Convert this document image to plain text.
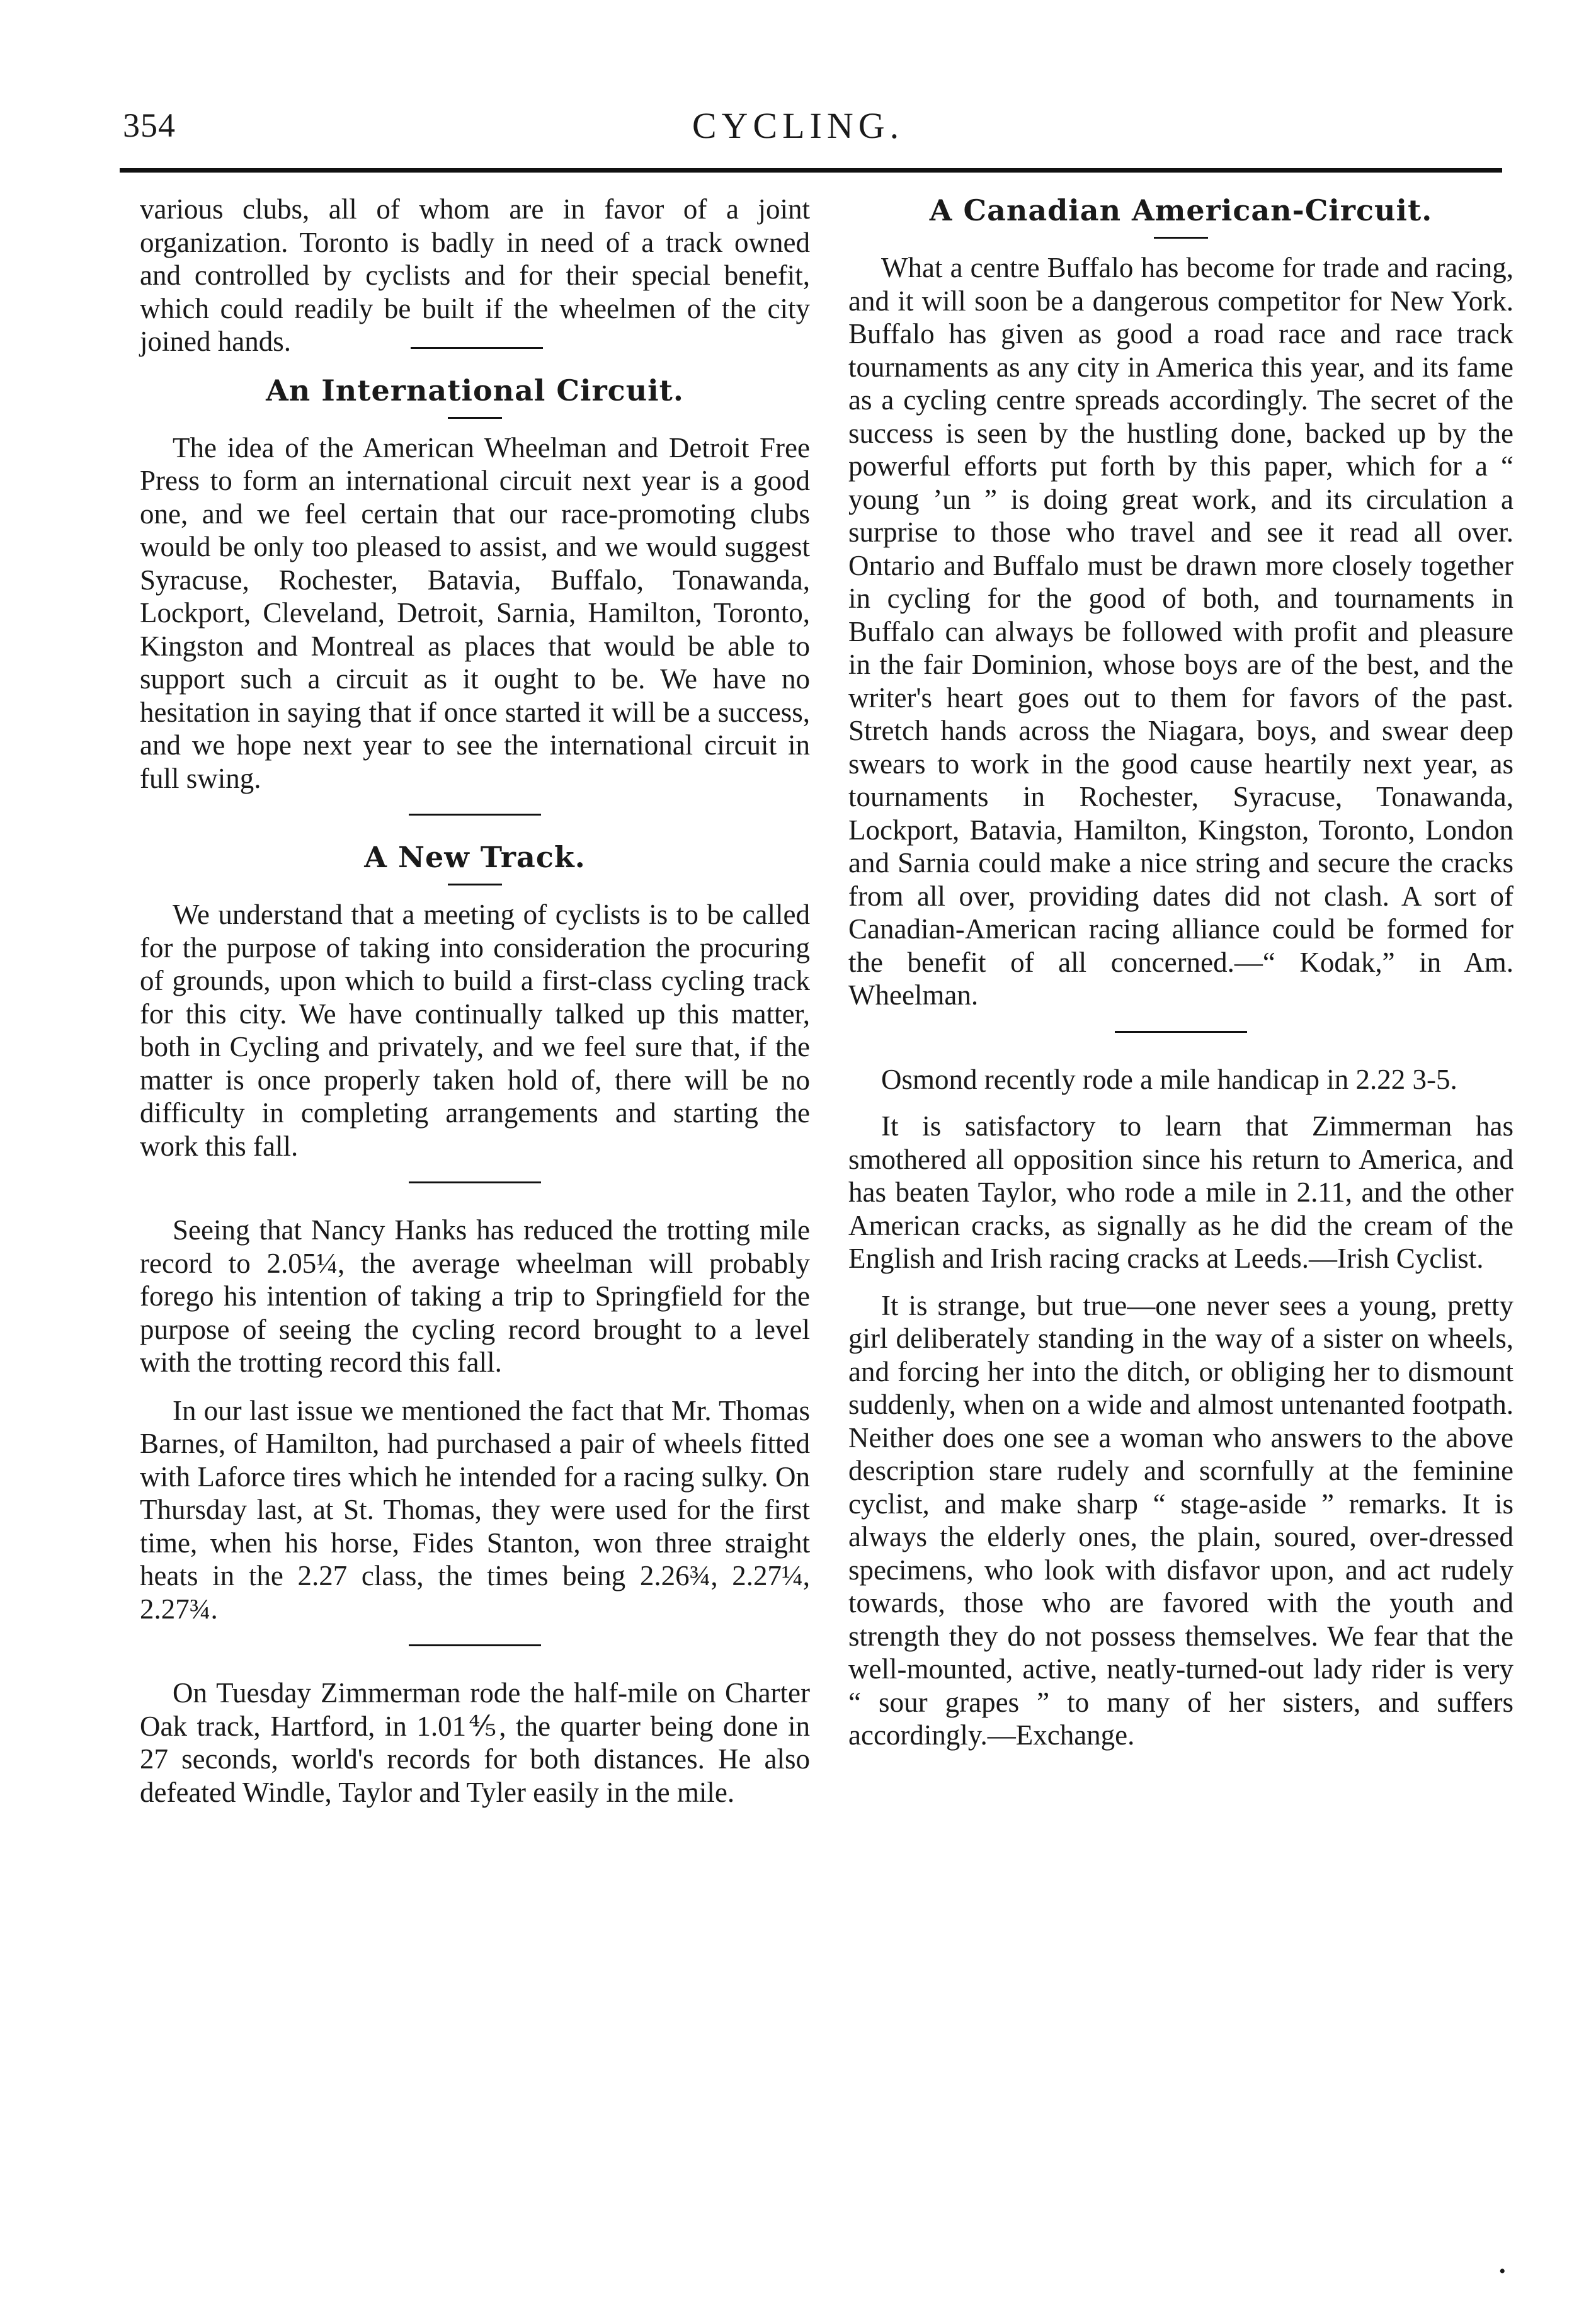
354	CYCLING.

various clubs, all of whom are in favor of a joint organization. Toronto is badly in need of a track owned and controlled by cyclists and for their special benefit, which could readily be built if the wheelmen of the city joined hands.

An International Circuit.

The idea of the American Wheelman and Detroit Free Press to form an international circuit next year is a good one, and we feel certain that our race-promoting clubs would be only too pleased to assist, and we would suggest Syracuse, Rochester, Batavia, Buffalo, Tonawanda, Lockport, Cleveland, Detroit, Sarnia, Hamilton, Toronto, Kingston and Montreal as places that would be able to support such a circuit as it ought to be. We have no hesitation in saying that if once started it will be a success, and we hope next year to see the international circuit in full swing.

A New Track.

We understand that a meeting of cyclists is to be called for the purpose of taking into consideration the procuring of grounds, upon which to build a first-class cycling track for this city. We have continually talked up this matter, both in Cycling and privately, and we feel sure that, if the matter is once properly taken hold of, there will be no difficulty in completing arrangements and starting the work this fall.

Seeing that Nancy Hanks has reduced the trotting mile record to 2.05¼, the average wheelman will probably forego his intention of taking a trip to Springfield for the purpose of seeing the cycling record brought to a level with the trotting record this fall.

In our last issue we mentioned the fact that Mr. Thomas Barnes, of Hamilton, had purchased a pair of wheels fitted with Laforce tires which he intended for a racing sulky. On Thursday last, at St. Thomas, they were used for the first time, when his horse, Fides Stanton, won three straight heats in the 2.27 class, the times being 2.26¾, 2.27¼, 2.27¾.

On Tuesday Zimmerman rode the half-mile on Charter Oak track, Hartford, in 1.01⅘, the quarter being done in 27 seconds, world's records for both distances. He also defeated Windle, Taylor and Tyler easily in the mile.

A Canadian American-Circuit.

What a centre Buffalo has become for trade and racing, and it will soon be a dangerous competitor for New York. Buffalo has given as good a road race and race track tournaments as any city in America this year, and its fame as a cycling centre spreads accordingly. The secret of the success is seen by the hustling done, backed up by the powerful efforts put forth by this paper, which for a “ young ’un ” is doing great work, and its circulation a surprise to those who travel and see it read all over. Ontario and Buffalo must be drawn more closely together in cycling for the good of both, and tournaments in Buffalo can always be followed with profit and pleasure in the fair Dominion, whose boys are of the best, and the writer's heart goes out to them for favors of the past. Stretch hands across the Niagara, boys, and swear deep swears to work in the good cause heartily next year, as tournaments in Rochester, Syracuse, Tonawanda, Lockport, Batavia, Hamilton, Kingston, Toronto, London and Sarnia could make a nice string and secure the cracks from all over, providing dates did not clash. A sort of Canadian-American racing alliance could be formed for the benefit of all concerned.—“ Kodak,” in Am. Wheelman.

Osmond recently rode a mile handicap in 2.22 3-5.

It is satisfactory to learn that Zimmerman has smothered all opposition since his return to America, and has beaten Taylor, who rode a mile in 2.11, and the other American cracks, as signally as he did the cream of the English and Irish racing cracks at Leeds.—Irish Cyclist.

It is strange, but true—one never sees a young, pretty girl deliberately standing in the way of a sister on wheels, and forcing her into the ditch, or obliging her to dismount suddenly, when on a wide and almost untenanted footpath. Neither does one see a woman who answers to the above description stare rudely and scornfully at the feminine cyclist, and make sharp “ stage-aside ” remarks. It is always the elderly ones, the plain, soured, over-dressed specimens, who look with disfavor upon, and act rudely towards, those who are favored with the youth and strength they do not possess themselves. We fear that the well-mounted, active, neatly-turned-out lady rider is very “ sour grapes ” to many of her sisters, and suffers accordingly.—Exchange.

•
